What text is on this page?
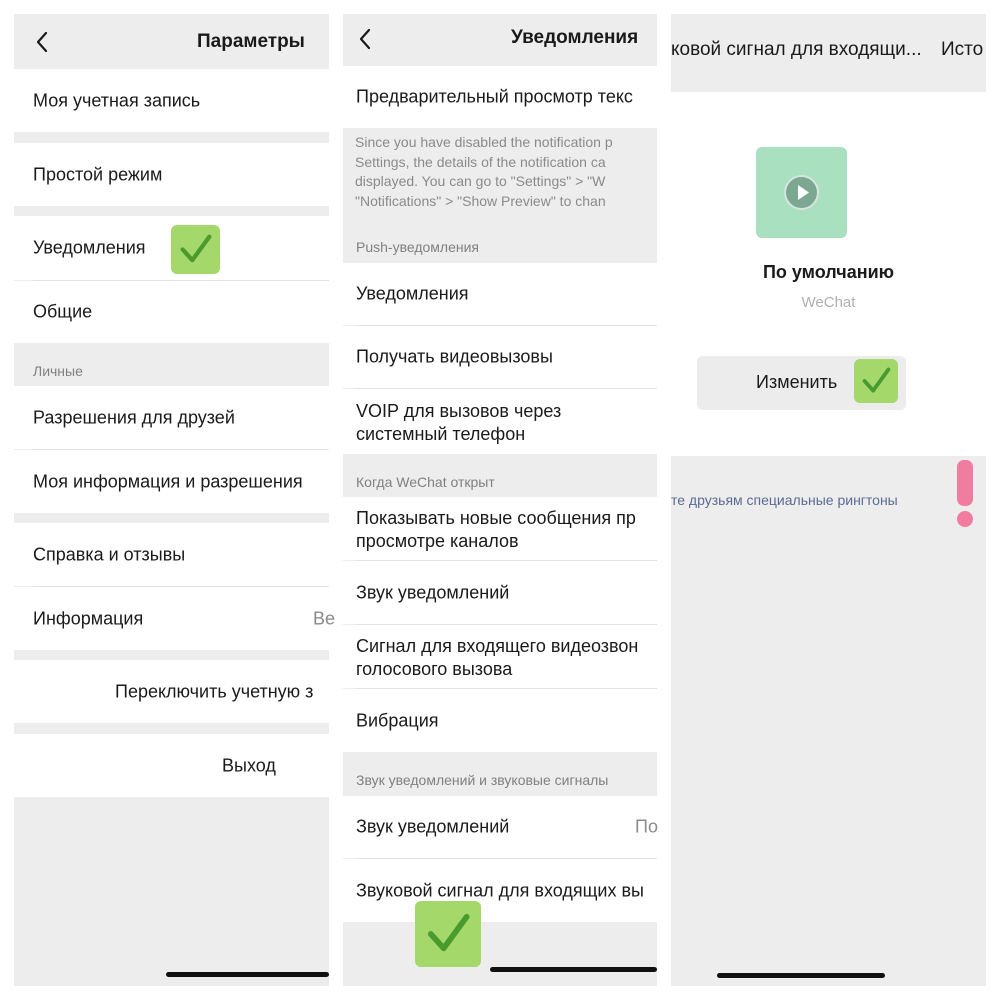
Параметры
Моя учетная запись
Простой режим
Уведомления
Общие
Личные
Разрешения для друзей
Моя информация и разрешения
Справка и отзывы
Информация	Ве
Переключить учетную з
Выход
Уведомления
Предварительный просмотр текс
Since you have disabled the notification p
Settings, the details of the notification ca
displayed. You can go to "Settings" > "W
"Notifications" > "Show Preview" to chan
Push-уведомления
Уведомления
Получать видеовызовы
VOIP для вызовов через
системный телефон
Когда WeChat открыт
Показывать новые сообщения пр
просмотре каналов
Звук уведомлений
Сигнал для входящего видеозвон
голосового вызова
Вибрация
Звук уведомлений и звуковые сигналы
Звук уведомлений	По
Звуковой сигнал для входящих вы
ковой сигнал для входящи... Исто
По умолчанию
WeChat
Изменить
те друзьям специальные рингтоны
